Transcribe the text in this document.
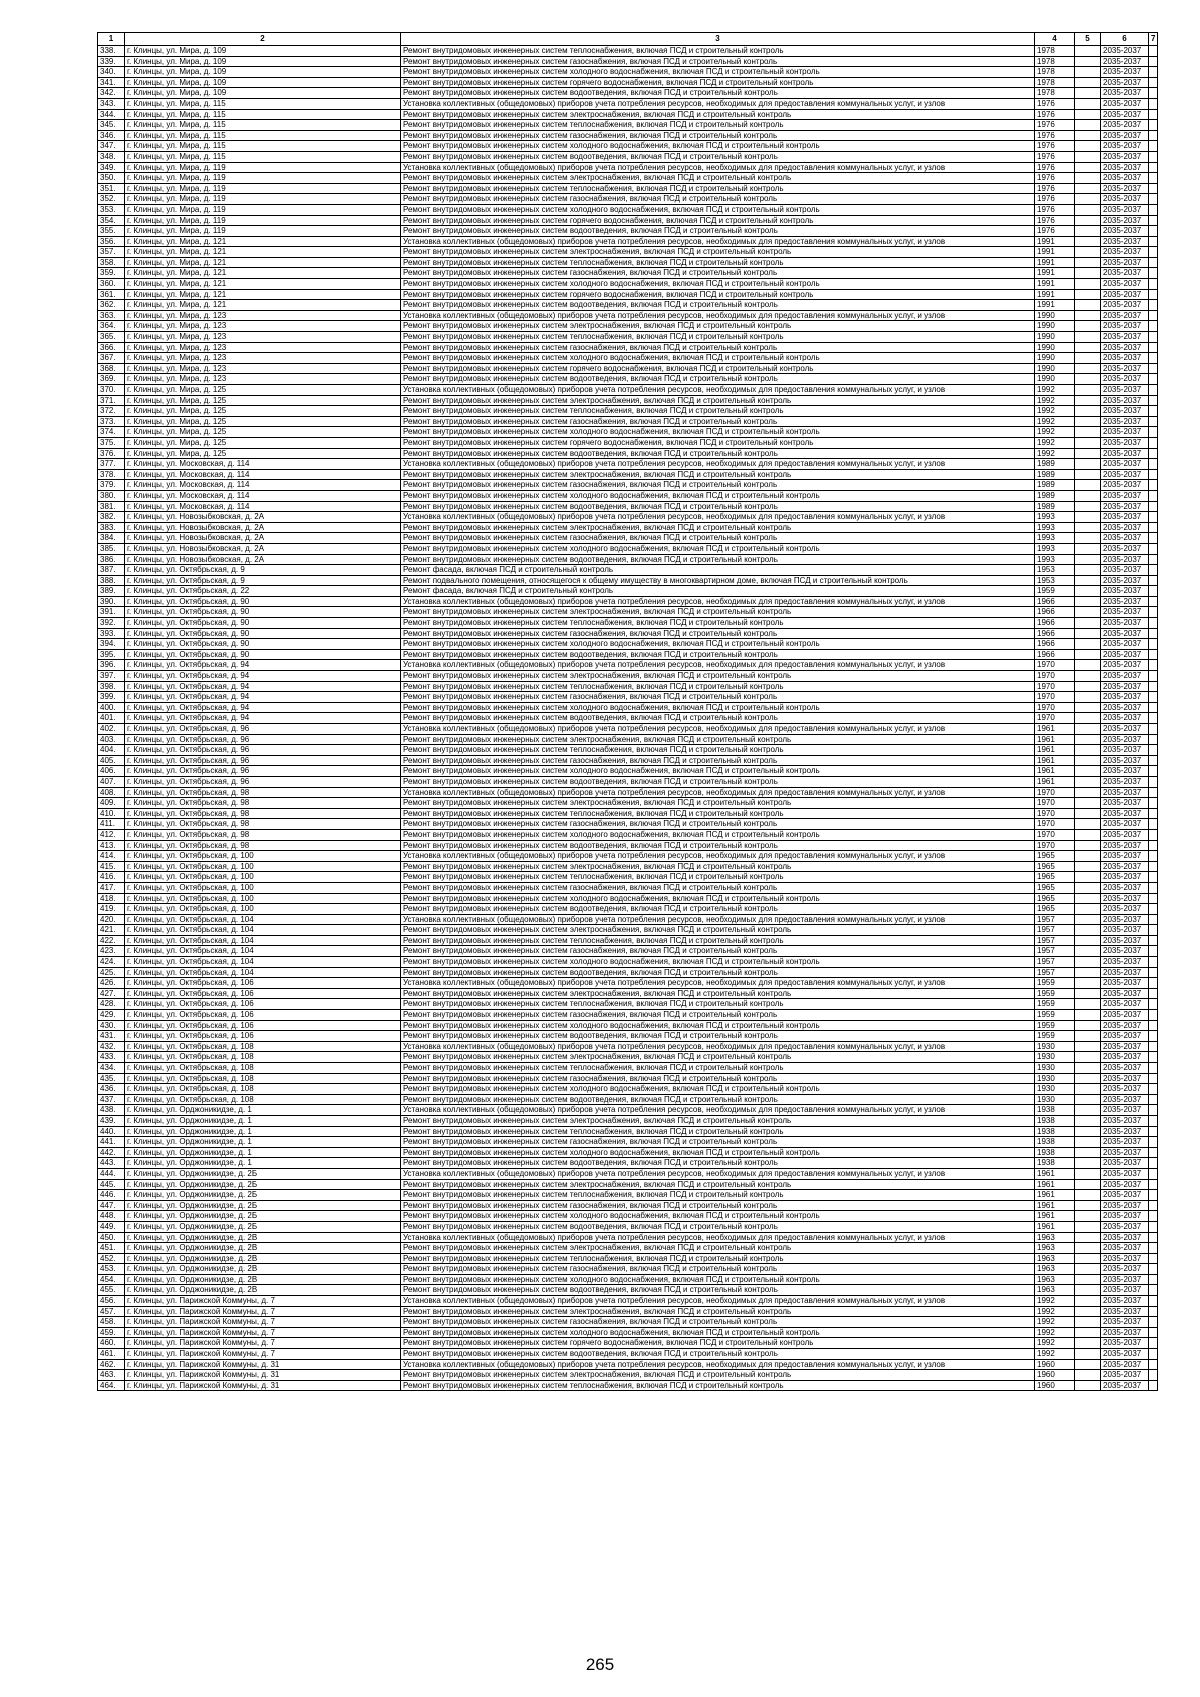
1	2	3	4	5	6	7
338.	г. Клинцы, ул. Мира, д. 109	Ремонт внутридомовых инженерных систем теплоснабжения, включая ПСД и строительный контроль	1978		2035-2037	
339.	г. Клинцы, ул. Мира, д. 109	Ремонт внутридомовых инженерных систем газоснабжения, включая ПСД и строительный контроль	1978		2035-2037	
340.	г. Клинцы, ул. Мира, д. 109	Ремонт внутридомовых инженерных систем холодного водоснабжения, включая ПСД и строительный контроль	1978		2035-2037	
341.	г. Клинцы, ул. Мира, д. 109	Ремонт внутридомовых инженерных систем горячего водоснабжения, включая ПСД и строительный контроль	1978		2035-2037	
342.	г. Клинцы, ул. Мира, д. 109	Ремонт внутридомовых инженерных систем водоотведения, включая ПСД и строительный контроль	1978		2035-2037	
343.	г. Клинцы, ул. Мира, д. 115	Установка коллективных (общедомовых) приборов учета потребления ресурсов, необходимых для предоставления коммунальных услуг, и узлов	1976		2035-2037	
344.	г. Клинцы, ул. Мира, д. 115	Ремонт внутридомовых инженерных систем электроснабжения, включая ПСД и строительный контроль	1976		2035-2037	
345.	г. Клинцы, ул. Мира, д. 115	Ремонт внутридомовых инженерных систем теплоснабжения, включая ПСД и строительный контроль	1976		2035-2037	
346.	г. Клинцы, ул. Мира, д. 115	Ремонт внутридомовых инженерных систем газоснабжения, включая ПСД и строительный контроль	1976		2035-2037	
347.	г. Клинцы, ул. Мира, д. 115	Ремонт внутридомовых инженерных систем холодного водоснабжения, включая ПСД и строительный контроль	1976		2035-2037	
348.	г. Клинцы, ул. Мира, д. 115	Ремонт внутридомовых инженерных систем водоотведения, включая ПСД и строительный контроль	1976		2035-2037	
349.	г. Клинцы, ул. Мира, д. 119	Установка коллективных (общедомовых) приборов учета потребления ресурсов, необходимых для предоставления коммунальных услуг, и узлов	1976		2035-2037	
350.	г. Клинцы, ул. Мира, д. 119	Ремонт внутридомовых инженерных систем электроснабжения, включая ПСД и строительный контроль	1976		2035-2037	
351.	г. Клинцы, ул. Мира, д. 119	Ремонт внутридомовых инженерных систем теплоснабжения, включая ПСД и строительный контроль	1976		2035-2037	
352.	г. Клинцы, ул. Мира, д. 119	Ремонт внутридомовых инженерных систем газоснабжения, включая ПСД и строительный контроль	1976		2035-2037	
353.	г. Клинцы, ул. Мира, д. 119	Ремонт внутридомовых инженерных систем холодного водоснабжения, включая ПСД и строительный контроль	1976		2035-2037	
354.	г. Клинцы, ул. Мира, д. 119	Ремонт внутридомовых инженерных систем горячего водоснабжения, включая ПСД и строительный контроль	1976		2035-2037	
355.	г. Клинцы, ул. Мира, д. 119	Ремонт внутридомовых инженерных систем водоотведения, включая ПСД и строительный контроль	1976		2035-2037	
356.	г. Клинцы, ул. Мира, д. 121	Установка коллективных (общедомовых) приборов учета потребления ресурсов, необходимых для предоставления коммунальных услуг, и узлов	1991		2035-2037	
357.	г. Клинцы, ул. Мира, д. 121	Ремонт внутридомовых инженерных систем электроснабжения, включая ПСД и строительный контроль	1991		2035-2037	
358.	г. Клинцы, ул. Мира, д. 121	Ремонт внутридомовых инженерных систем теплоснабжения, включая ПСД и строительный контроль	1991		2035-2037	
359.	г. Клинцы, ул. Мира, д. 121	Ремонт внутридомовых инженерных систем газоснабжения, включая ПСД и строительный контроль	1991		2035-2037	
360.	г. Клинцы, ул. Мира, д. 121	Ремонт внутридомовых инженерных систем холодного водоснабжения, включая ПСД и строительный контроль	1991		2035-2037	
361.	г. Клинцы, ул. Мира, д. 121	Ремонт внутридомовых инженерных систем горячего водоснабжения, включая ПСД и строительный контроль	1991		2035-2037	
362.	г. Клинцы, ул. Мира, д. 121	Ремонт внутридомовых инженерных систем водоотведения, включая ПСД и строительный контроль	1991		2035-2037	
363.	г. Клинцы, ул. Мира, д. 123	Установка коллективных (общедомовых) приборов учета потребления ресурсов, необходимых для предоставления коммунальных услуг, и узлов	1990		2035-2037	
364.	г. Клинцы, ул. Мира, д. 123	Ремонт внутридомовых инженерных систем электроснабжения, включая ПСД и строительный контроль	1990		2035-2037	
365.	г. Клинцы, ул. Мира, д. 123	Ремонт внутридомовых инженерных систем теплоснабжения, включая ПСД и строительный контроль	1990		2035-2037	
366.	г. Клинцы, ул. Мира, д. 123	Ремонт внутридомовых инженерных систем газоснабжения, включая ПСД и строительный контроль	1990		2035-2037	
367.	г. Клинцы, ул. Мира, д. 123	Ремонт внутридомовых инженерных систем холодного водоснабжения, включая ПСД и строительный контроль	1990		2035-2037	
368.	г. Клинцы, ул. Мира, д. 123	Ремонт внутридомовых инженерных систем горячего водоснабжения, включая ПСД и строительный контроль	1990		2035-2037	
369.	г. Клинцы, ул. Мира, д. 123	Ремонт внутридомовых инженерных систем водоотведения, включая ПСД и строительный контроль	1990		2035-2037	
370.	г. Клинцы, ул. Мира, д. 125	Установка коллективных (общедомовых) приборов учета потребления ресурсов, необходимых для предоставления коммунальных услуг, и узлов	1992		2035-2037	
371.	г. Клинцы, ул. Мира, д. 125	Ремонт внутридомовых инженерных систем электроснабжения, включая ПСД и строительный контроль	1992		2035-2037	
372.	г. Клинцы, ул. Мира, д. 125	Ремонт внутридомовых инженерных систем теплоснабжения, включая ПСД и строительный контроль	1992		2035-2037	
373.	г. Клинцы, ул. Мира, д. 125	Ремонт внутридомовых инженерных систем газоснабжения, включая ПСД и строительный контроль	1992		2035-2037	
374.	г. Клинцы, ул. Мира, д. 125	Ремонт внутридомовых инженерных систем холодного водоснабжения, включая ПСД и строительный контроль	1992		2035-2037	
375.	г. Клинцы, ул. Мира, д. 125	Ремонт внутридомовых инженерных систем горячего водоснабжения, включая ПСД и строительный контроль	1992		2035-2037	
376.	г. Клинцы, ул. Мира, д. 125	Ремонт внутридомовых инженерных систем водоотведения, включая ПСД и строительный контроль	1992		2035-2037	
377.	г. Клинцы, ул. Московская, д. 114	Установка коллективных (общедомовых) приборов учета потребления ресурсов, необходимых для предоставления коммунальных услуг, и узлов	1989		2035-2037	
378.	г. Клинцы, ул. Московская, д. 114	Ремонт внутридомовых инженерных систем электроснабжения, включая ПСД и строительный контроль	1989		2035-2037	
379.	г. Клинцы, ул. Московская, д. 114	Ремонт внутридомовых инженерных систем газоснабжения, включая ПСД и строительный контроль	1989		2035-2037	
380.	г. Клинцы, ул. Московская, д. 114	Ремонт внутридомовых инженерных систем холодного водоснабжения, включая ПСД и строительный контроль	1989		2035-2037	
381.	г. Клинцы, ул. Московская, д. 114	Ремонт внутридомовых инженерных систем водоотведения, включая ПСД и строительный контроль	1989		2035-2037	
382.	г. Клинцы, ул. Новозыбковская, д. 2А	Установка коллективных (общедомовых) приборов учета потребления ресурсов, необходимых для предоставления коммунальных услуг, и узлов	1993		2035-2037	
383.	г. Клинцы, ул. Новозыбковская, д. 2А	Ремонт внутридомовых инженерных систем электроснабжения, включая ПСД и строительный контроль	1993		2035-2037	
384.	г. Клинцы, ул. Новозыбковская, д. 2А	Ремонт внутридомовых инженерных систем газоснабжения, включая ПСД и строительный контроль	1993		2035-2037	
385.	г. Клинцы, ул. Новозыбковская, д. 2А	Ремонт внутридомовых инженерных систем холодного водоснабжения, включая ПСД и строительный контроль	1993		2035-2037	
386.	г. Клинцы, ул. Новозыбковская, д. 2А	Ремонт внутридомовых инженерных систем водоотведения, включая ПСД и строительный контроль	1993		2035-2037	
387.	г. Клинцы, ул. Октябрьская, д. 9	Ремонт фасада, включая ПСД и строительный контроль	1953		2035-2037	
388.	г. Клинцы, ул. Октябрьская, д. 9	Ремонт подвального помещения, относящегося к общему имуществу в многоквартирном доме, включая ПСД и строительный контроль	1953		2035-2037	
389.	г. Клинцы, ул. Октябрьская, д. 22	Ремонт фасада, включая ПСД и строительный контроль	1959		2035-2037	
390.	г. Клинцы, ул. Октябрьская, д. 90	Установка коллективных (общедомовых) приборов учета потребления ресурсов, необходимых для предоставления коммунальных услуг, и узлов	1966		2035-2037	
391.	г. Клинцы, ул. Октябрьская, д. 90	Ремонт внутридомовых инженерных систем электроснабжения, включая ПСД и строительный контроль	1966		2035-2037	
392.	г. Клинцы, ул. Октябрьская, д. 90	Ремонт внутридомовых инженерных систем теплоснабжения, включая ПСД и строительный контроль	1966		2035-2037	
393.	г. Клинцы, ул. Октябрьская, д. 90	Ремонт внутридомовых инженерных систем газоснабжения, включая ПСД и строительный контроль	1966		2035-2037	
394.	г. Клинцы, ул. Октябрьская, д. 90	Ремонт внутридомовых инженерных систем холодного водоснабжения, включая ПСД и строительный контроль	1966		2035-2037	
395.	г. Клинцы, ул. Октябрьская, д. 90	Ремонт внутридомовых инженерных систем водоотведения, включая ПСД и строительный контроль	1966		2035-2037	
396.	г. Клинцы, ул. Октябрьская, д. 94	Установка коллективных (общедомовых) приборов учета потребления ресурсов, необходимых для предоставления коммунальных услуг, и узлов	1970		2035-2037	
397.	г. Клинцы, ул. Октябрьская, д. 94	Ремонт внутридомовых инженерных систем электроснабжения, включая ПСД и строительный контроль	1970		2035-2037	
398.	г. Клинцы, ул. Октябрьская, д. 94	Ремонт внутридомовых инженерных систем теплоснабжения, включая ПСД и строительный контроль	1970		2035-2037	
399.	г. Клинцы, ул. Октябрьская, д. 94	Ремонт внутридомовых инженерных систем газоснабжения, включая ПСД и строительный контроль	1970		2035-2037	
400.	г. Клинцы, ул. Октябрьская, д. 94	Ремонт внутридомовых инженерных систем холодного водоснабжения, включая ПСД и строительный контроль	1970		2035-2037	
401.	г. Клинцы, ул. Октябрьская, д. 94	Ремонт внутридомовых инженерных систем водоотведения, включая ПСД и строительный контроль	1970		2035-2037	
402.	г. Клинцы, ул. Октябрьская, д. 96	Установка коллективных (общедомовых) приборов учета потребления ресурсов, необходимых для предоставления коммунальных услуг, и узлов	1961		2035-2037	
403.	г. Клинцы, ул. Октябрьская, д. 96	Ремонт внутридомовых инженерных систем электроснабжения, включая ПСД и строительный контроль	1961		2035-2037	
404.	г. Клинцы, ул. Октябрьская, д. 96	Ремонт внутридомовых инженерных систем теплоснабжения, включая ПСД и строительный контроль	1961		2035-2037	
405.	г. Клинцы, ул. Октябрьская, д. 96	Ремонт внутридомовых инженерных систем газоснабжения, включая ПСД и строительный контроль	1961		2035-2037	
406.	г. Клинцы, ул. Октябрьская, д. 96	Ремонт внутридомовых инженерных систем холодного водоснабжения, включая ПСД и строительный контроль	1961		2035-2037	
407.	г. Клинцы, ул. Октябрьская, д. 96	Ремонт внутридомовых инженерных систем водоотведения, включая ПСД и строительный контроль	1961		2035-2037	
408.	г. Клинцы, ул. Октябрьская, д. 98	Установка коллективных (общедомовых) приборов учета потребления ресурсов, необходимых для предоставления коммунальных услуг, и узлов	1970		2035-2037	
409.	г. Клинцы, ул. Октябрьская, д. 98	Ремонт внутридомовых инженерных систем электроснабжения, включая ПСД и строительный контроль	1970		2035-2037	
410.	г. Клинцы, ул. Октябрьская, д. 98	Ремонт внутридомовых инженерных систем теплоснабжения, включая ПСД и строительный контроль	1970		2035-2037	
411.	г. Клинцы, ул. Октябрьская, д. 98	Ремонт внутридомовых инженерных систем газоснабжения, включая ПСД и строительный контроль	1970		2035-2037	
412.	г. Клинцы, ул. Октябрьская, д. 98	Ремонт внутридомовых инженерных систем холодного водоснабжения, включая ПСД и строительный контроль	1970		2035-2037	
413.	г. Клинцы, ул. Октябрьская, д. 98	Ремонт внутридомовых инженерных систем водоотведения, включая ПСД и строительный контроль	1970		2035-2037	
414.	г. Клинцы, ул. Октябрьская, д. 100	Установка коллективных (общедомовых) приборов учета потребления ресурсов, необходимых для предоставления коммунальных услуг, и узлов	1965		2035-2037	
415.	г. Клинцы, ул. Октябрьская, д. 100	Ремонт внутридомовых инженерных систем электроснабжения, включая ПСД и строительный контроль	1965		2035-2037	
416.	г. Клинцы, ул. Октябрьская, д. 100	Ремонт внутридомовых инженерных систем теплоснабжения, включая ПСД и строительный контроль	1965		2035-2037	
417.	г. Клинцы, ул. Октябрьская, д. 100	Ремонт внутридомовых инженерных систем газоснабжения, включая ПСД и строительный контроль	1965		2035-2037	
418.	г. Клинцы, ул. Октябрьская, д. 100	Ремонт внутридомовых инженерных систем холодного водоснабжения, включая ПСД и строительный контроль	1965		2035-2037	
419.	г. Клинцы, ул. Октябрьская, д. 100	Ремонт внутридомовых инженерных систем водоотведения, включая ПСД и строительный контроль	1965		2035-2037	
420.	г. Клинцы, ул. Октябрьская, д. 104	Установка коллективных (общедомовых) приборов учета потребления ресурсов, необходимых для предоставления коммунальных услуг, и узлов	1957		2035-2037	
421.	г. Клинцы, ул. Октябрьская, д. 104	Ремонт внутридомовых инженерных систем электроснабжения, включая ПСД и строительный контроль	1957		2035-2037	
422.	г. Клинцы, ул. Октябрьская, д. 104	Ремонт внутридомовых инженерных систем теплоснабжения, включая ПСД и строительный контроль	1957		2035-2037	
423.	г. Клинцы, ул. Октябрьская, д. 104	Ремонт внутридомовых инженерных систем газоснабжения, включая ПСД и строительный контроль	1957		2035-2037	
424.	г. Клинцы, ул. Октябрьская, д. 104	Ремонт внутридомовых инженерных систем холодного водоснабжения, включая ПСД и строительный контроль	1957		2035-2037	
425.	г. Клинцы, ул. Октябрьская, д. 104	Ремонт внутридомовых инженерных систем водоотведения, включая ПСД и строительный контроль	1957		2035-2037	
426.	г. Клинцы, ул. Октябрьская, д. 106	Установка коллективных (общедомовых) приборов учета потребления ресурсов, необходимых для предоставления коммунальных услуг, и узлов	1959		2035-2037	
427.	г. Клинцы, ул. Октябрьская, д. 106	Ремонт внутридомовых инженерных систем электроснабжения, включая ПСД и строительный контроль	1959		2035-2037	
428.	г. Клинцы, ул. Октябрьская, д. 106	Ремонт внутридомовых инженерных систем теплоснабжения, включая ПСД и строительный контроль	1959		2035-2037	
429.	г. Клинцы, ул. Октябрьская, д. 106	Ремонт внутридомовых инженерных систем газоснабжения, включая ПСД и строительный контроль	1959		2035-2037	
430.	г. Клинцы, ул. Октябрьская, д. 106	Ремонт внутридомовых инженерных систем холодного водоснабжения, включая ПСД и строительный контроль	1959		2035-2037	
431.	г. Клинцы, ул. Октябрьская, д. 106	Ремонт внутридомовых инженерных систем водоотведения, включая ПСД и строительный контроль	1959		2035-2037	
432.	г. Клинцы, ул. Октябрьская, д. 108	Установка коллективных (общедомовых) приборов учета потребления ресурсов, необходимых для предоставления коммунальных услуг, и узлов	1930		2035-2037	
433.	г. Клинцы, ул. Октябрьская, д. 108	Ремонт внутридомовых инженерных систем электроснабжения, включая ПСД и строительный контроль	1930		2035-2037	
434.	г. Клинцы, ул. Октябрьская, д. 108	Ремонт внутридомовых инженерных систем теплоснабжения, включая ПСД и строительный контроль	1930		2035-2037	
435.	г. Клинцы, ул. Октябрьская, д. 108	Ремонт внутридомовых инженерных систем газоснабжения, включая ПСД и строительный контроль	1930		2035-2037	
436.	г. Клинцы, ул. Октябрьская, д. 108	Ремонт внутридомовых инженерных систем холодного водоснабжения, включая ПСД и строительный контроль	1930		2035-2037	
437.	г. Клинцы, ул. Октябрьская, д. 108	Ремонт внутридомовых инженерных систем водоотведения, включая ПСД и строительный контроль	1930		2035-2037	
438.	г. Клинцы, ул. Орджоникидзе, д. 1	Установка коллективных (общедомовых) приборов учета потребления ресурсов, необходимых для предоставления коммунальных услуг, и узлов	1938		2035-2037	
439.	г. Клинцы, ул. Орджоникидзе, д. 1	Ремонт внутридомовых инженерных систем электроснабжения, включая ПСД и строительный контроль	1938		2035-2037	
440.	г. Клинцы, ул. Орджоникидзе, д. 1	Ремонт внутридомовых инженерных систем теплоснабжения, включая ПСД и строительный контроль	1938		2035-2037	
441.	г. Клинцы, ул. Орджоникидзе, д. 1	Ремонт внутридомовых инженерных систем газоснабжения, включая ПСД и строительный контроль	1938		2035-2037	
442.	г. Клинцы, ул. Орджоникидзе, д. 1	Ремонт внутридомовых инженерных систем холодного водоснабжения, включая ПСД и строительный контроль	1938		2035-2037	
443.	г. Клинцы, ул. Орджоникидзе, д. 1	Ремонт внутридомовых инженерных систем водоотведения, включая ПСД и строительный контроль	1938		2035-2037	
444.	г. Клинцы, ул. Орджоникидзе, д. 2Б	Установка коллективных (общедомовых) приборов учета потребления ресурсов, необходимых для предоставления коммунальных услуг, и узлов	1961		2035-2037	
445.	г. Клинцы, ул. Орджоникидзе, д. 2Б	Ремонт внутридомовых инженерных систем электроснабжения, включая ПСД и строительный контроль	1961		2035-2037	
446.	г. Клинцы, ул. Орджоникидзе, д. 2Б	Ремонт внутридомовых инженерных систем теплоснабжения, включая ПСД и строительный контроль	1961		2035-2037	
447.	г. Клинцы, ул. Орджоникидзе, д. 2Б	Ремонт внутридомовых инженерных систем газоснабжения, включая ПСД и строительный контроль	1961		2035-2037	
448.	г. Клинцы, ул. Орджоникидзе, д. 2Б	Ремонт внутридомовых инженерных систем холодного водоснабжения, включая ПСД и строительный контроль	1961		2035-2037	
449.	г. Клинцы, ул. Орджоникидзе, д. 2Б	Ремонт внутридомовых инженерных систем водоотведения, включая ПСД и строительный контроль	1961		2035-2037	
450.	г. Клинцы, ул. Орджоникидзе, д. 2В	Установка коллективных (общедомовых) приборов учета потребления ресурсов, необходимых для предоставления коммунальных услуг, и узлов	1963		2035-2037	
451.	г. Клинцы, ул. Орджоникидзе, д. 2В	Ремонт внутридомовых инженерных систем электроснабжения, включая ПСД и строительный контроль	1963		2035-2037	
452.	г. Клинцы, ул. Орджоникидзе, д. 2В	Ремонт внутридомовых инженерных систем теплоснабжения, включая ПСД и строительный контроль	1963		2035-2037	
453.	г. Клинцы, ул. Орджоникидзе, д. 2В	Ремонт внутридомовых инженерных систем газоснабжения, включая ПСД и строительный контроль	1963		2035-2037	
454.	г. Клинцы, ул. Орджоникидзе, д. 2В	Ремонт внутридомовых инженерных систем холодного водоснабжения, включая ПСД и строительный контроль	1963		2035-2037	
455.	г. Клинцы, ул. Орджоникидзе, д. 2В	Ремонт внутридомовых инженерных систем водоотведения, включая ПСД и строительный контроль	1963		2035-2037	
456.	г. Клинцы, ул. Парижской Коммуны, д. 7	Установка коллективных (общедомовых) приборов учета потребления ресурсов, необходимых для предоставления коммунальных услуг, и узлов	1992		2035-2037	
457.	г. Клинцы, ул. Парижской Коммуны, д. 7	Ремонт внутридомовых инженерных систем электроснабжения, включая ПСД и строительный контроль	1992		2035-2037	
458.	г. Клинцы, ул. Парижской Коммуны, д. 7	Ремонт внутридомовых инженерных систем газоснабжения, включая ПСД и строительный контроль	1992		2035-2037	
459.	г. Клинцы, ул. Парижской Коммуны, д. 7	Ремонт внутридомовых инженерных систем холодного водоснабжения, включая ПСД и строительный контроль	1992		2035-2037	
460.	г. Клинцы, ул. Парижской Коммуны, д. 7	Ремонт внутридомовых инженерных систем горячего водоснабжения, включая ПСД и строительный контроль	1992		2035-2037	
461.	г. Клинцы, ул. Парижской Коммуны, д. 7	Ремонт внутридомовых инженерных систем водоотведения, включая ПСД и строительный контроль	1992		2035-2037	
462.	г. Клинцы, ул. Парижской Коммуны, д. 31	Установка коллективных (общедомовых) приборов учета потребления ресурсов, необходимых для предоставления коммунальных услуг, и узлов	1960		2035-2037	
463.	г. Клинцы, ул. Парижской Коммуны, д. 31	Ремонт внутридомовых инженерных систем электроснабжения, включая ПСД и строительный контроль	1960		2035-2037	
464.	г. Клинцы, ул. Парижской Коммуны, д. 31	Ремонт внутридомовых инженерных систем теплоснабжения, включая ПСД и строительный контроль	1960		2035-2037	
265
